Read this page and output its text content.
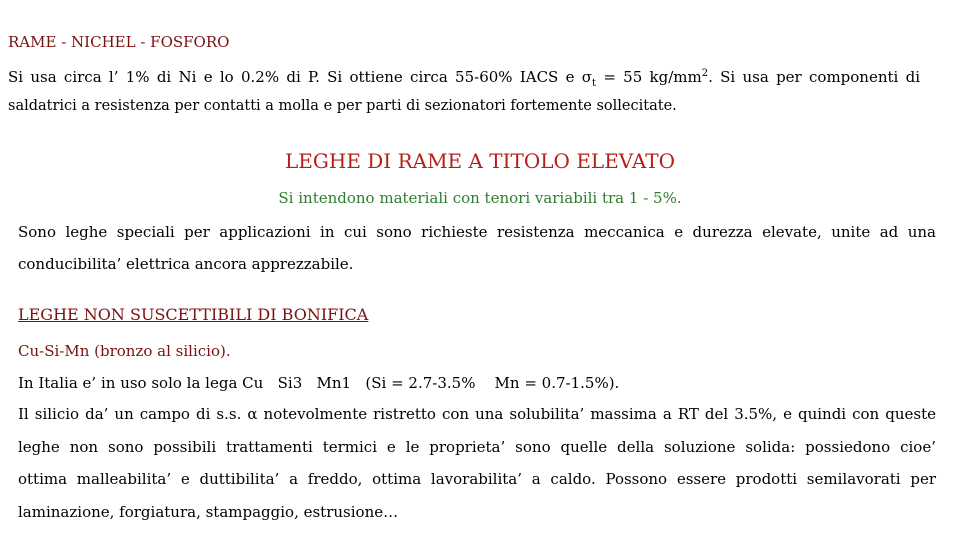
RAME - NICHEL - FOSFORO
Si usa circa l’ 1% di Ni e lo 0.2% di P. Si ottiene circa 55-60% IACS e $\sigma_t = 55$ $kg/mm^2$. Si usa per componenti di
saldatrici a resistenza per contatti a molla e per parti di sezionatori fortemente sollecitate.
LEGHE DI RAME A TITOLO ELEVATO
Si intendono materiali con tenori variabili tra 1 - 5%.
Sono leghe speciali per applicazioni in cui sono richieste resistenza meccanica e durezza elevate, unite ad una
conducibilita’ elettrica ancora apprezzabile.
LEGHE NON SUSCETTIBILI DI BONIFICA
Cu-Si-Mn (bronzo al silicio).
In Italia e’ in uso solo la lega Cu   Si3   Mn1   (Si = 2.7-3.5%    Mn = 0.7-1.5%).
Il silicio da’ un campo di s.s. α notevolmente ristretto con una solubilita’ massima a RT del 3.5%, e quindi con queste
leghe non sono possibili trattamenti termici e le proprieta’ sono quelle della soluzione solida: possiedono cioe’
ottima malleabilita’ e duttibilita’ a freddo, ottima lavorabilita’ a caldo. Possono essere prodotti semilavorati per
laminazione, forgiatura, stampaggio, estrusione…
